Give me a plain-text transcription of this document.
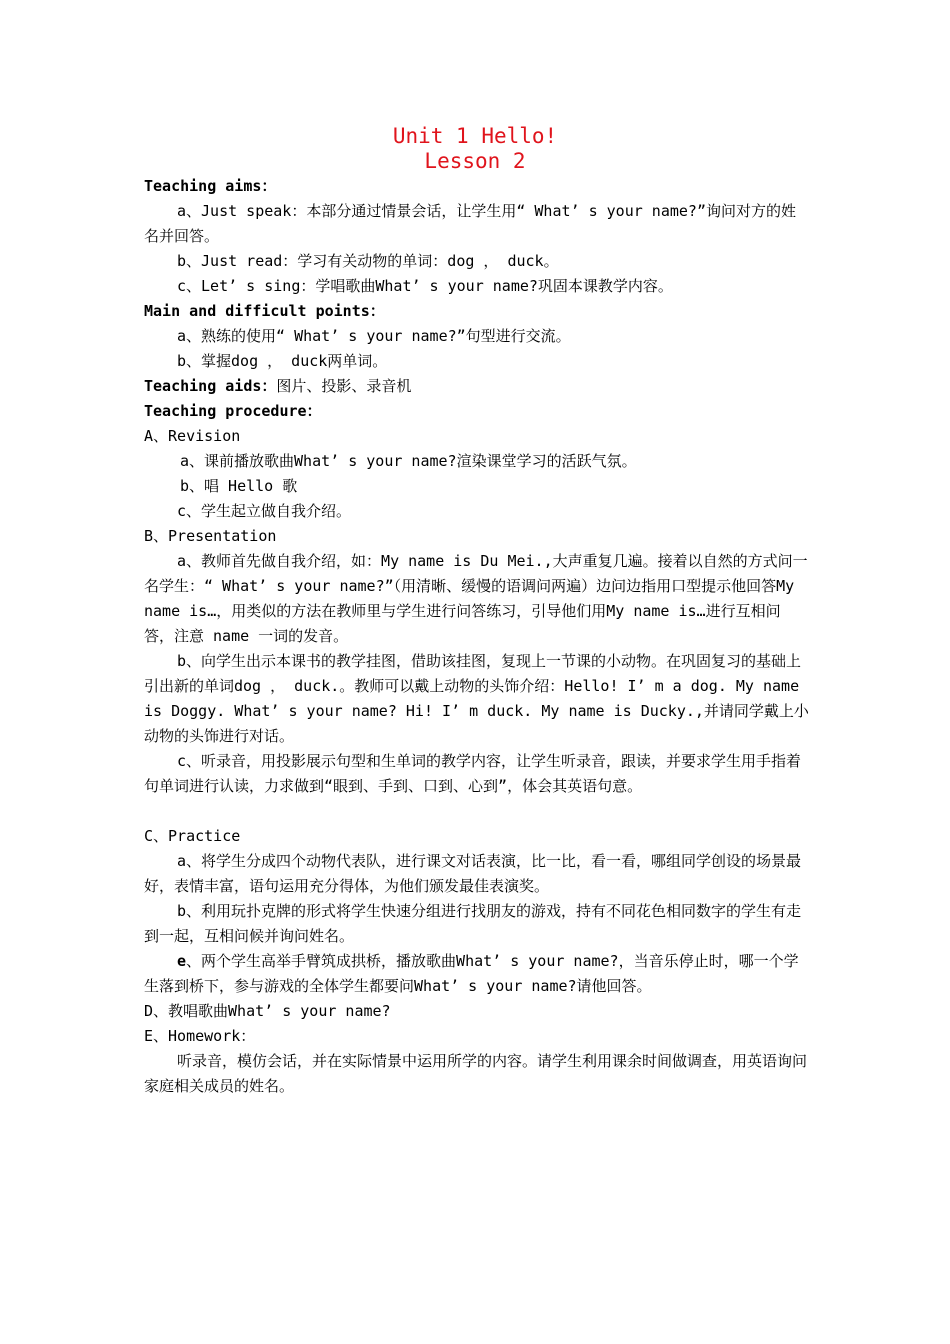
Unit 1 Hello!
Lesson 2

Teaching aims：

a、Just speak：本部分通过情景会话，让学生用“ What’ s your name?”询问对方的姓名并回答。

b、Just read：学习有关动物的单词：dog ， duck。

c、Let’ s sing：学唱歌曲What’ s your name?巩固本课教学内容。

Main and difficult points：

a、熟练的使用“ What’ s your name?”句型进行交流。

b、掌握dog ， duck两单词。

Teaching aids：图片、投影、录音机

Teaching procedure：

A、Revision

a、课前播放歌曲What’ s your name?渲染课堂学习的活跃气氛。

b、唱 Hello 歌

c、学生起立做自我介绍。

B、Presentation

a、教师首先做自我介绍，如：My name is Du Mei.,大声重复几遍。接着以自然的方式问一名学生：“ What’ s your name?”（用清晰、缓慢的语调问两遍）边问边指用口型提示他回答My name is…，用类似的方法在教师里与学生进行问答练习，引导他们用My name is…进行互相问答，注意 name 一词的发音。

b、向学生出示本课书的教学挂图，借助该挂图，复现上一节课的小动物。在巩固复习的基础上引出新的单词dog ， duck.。教师可以戴上动物的头饰介绍：Hello! I’ m a dog. My name is Doggy. What’ s your name? Hi! I’ m duck. My name is Ducky.,并请同学戴上小动物的头饰进行对话。

c、听录音，用投影展示句型和生单词的教学内容，让学生听录音，跟读，并要求学生用手指着句单词进行认读，力求做到“眼到、手到、口到、心到”，体会其英语句意。

C、Practice

a、将学生分成四个动物代表队，进行课文对话表演，比一比，看一看，哪组同学创设的场景最好，表情丰富，语句运用充分得体，为他们颁发最佳表演奖。

b、利用玩扑克牌的形式将学生快速分组进行找朋友的游戏，持有不同花色相同数字的学生有走到一起，互相问候并询问姓名。

e、两个学生高举手臂筑成拱桥，播放歌曲What’ s your name?，当音乐停止时，哪一个学生落到桥下，参与游戏的全体学生都要问What’ s your name?请他回答。

D、教唱歌曲What’ s your name?

E、Homework：

听录音，模仿会话，并在实际情景中运用所学的内容。请学生利用课余时间做调查，用英语询问家庭相关成员的姓名。
